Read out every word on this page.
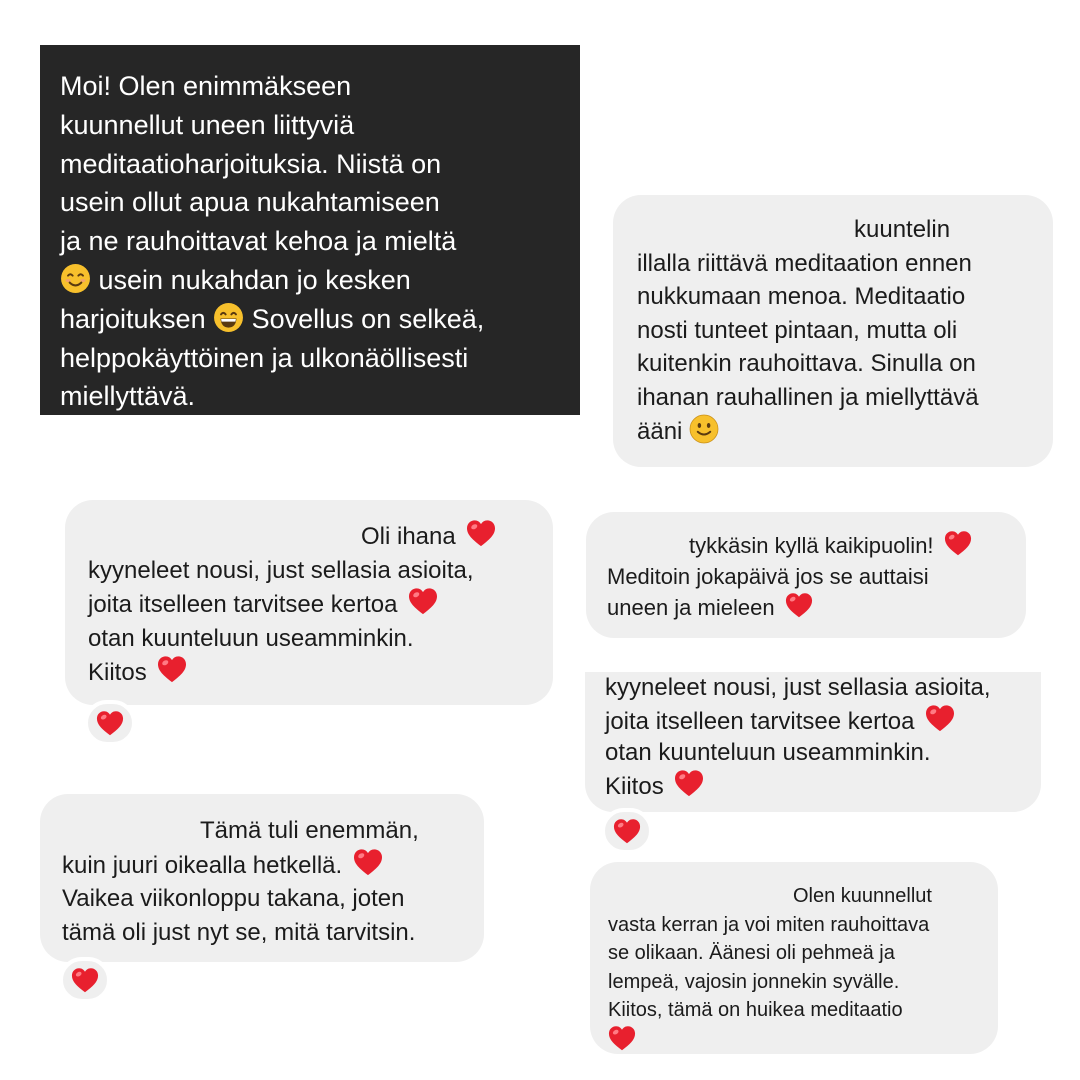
Moi! Olen enimmäkseen
kuunnellut uneen liittyviä
meditaatioharjoituksia. Niistä on
usein ollut apua nukahtamiseen
ja ne rauhoittavat kehoa ja mieltä
usein nukahdan jo kesken
harjoituksen Sovellus on selkeä,
helppokäyttöinen ja ulkonäöllisesti
miellyttävä.
kuuntelin
illalla riittävä meditaation ennen
nukkumaan menoa. Meditaatio
nosti tunteet pintaan, mutta oli
kuitenkin rauhoittava. Sinulla on
ihanan rauhallinen ja miellyttävä
ääni
Oli ihana
kyyneleet nousi, just sellasia asioita,
joita itselleen tarvitsee kertoa
otan kuunteluun useamminkin.
Kiitos
tykkäsin kyllä kaikipuolin!
Meditoin jokapäivä jos se auttaisi
uneen ja mieleen
kyyneleet nousi, just sellasia asioita,
joita itselleen tarvitsee kertoa
otan kuunteluun useamminkin.
Kiitos
Tämä tuli enemmän,
kuin juuri oikealla hetkellä.
Vaikea viikonloppu takana, joten
tämä oli just nyt se, mitä tarvitsin.
Olen kuunnellut
vasta kerran ja voi miten rauhoittava
se olikaan. Äänesi oli pehmeä ja
lempeä, vajosin jonnekin syvälle.
Kiitos, tämä on huikea meditaatio
